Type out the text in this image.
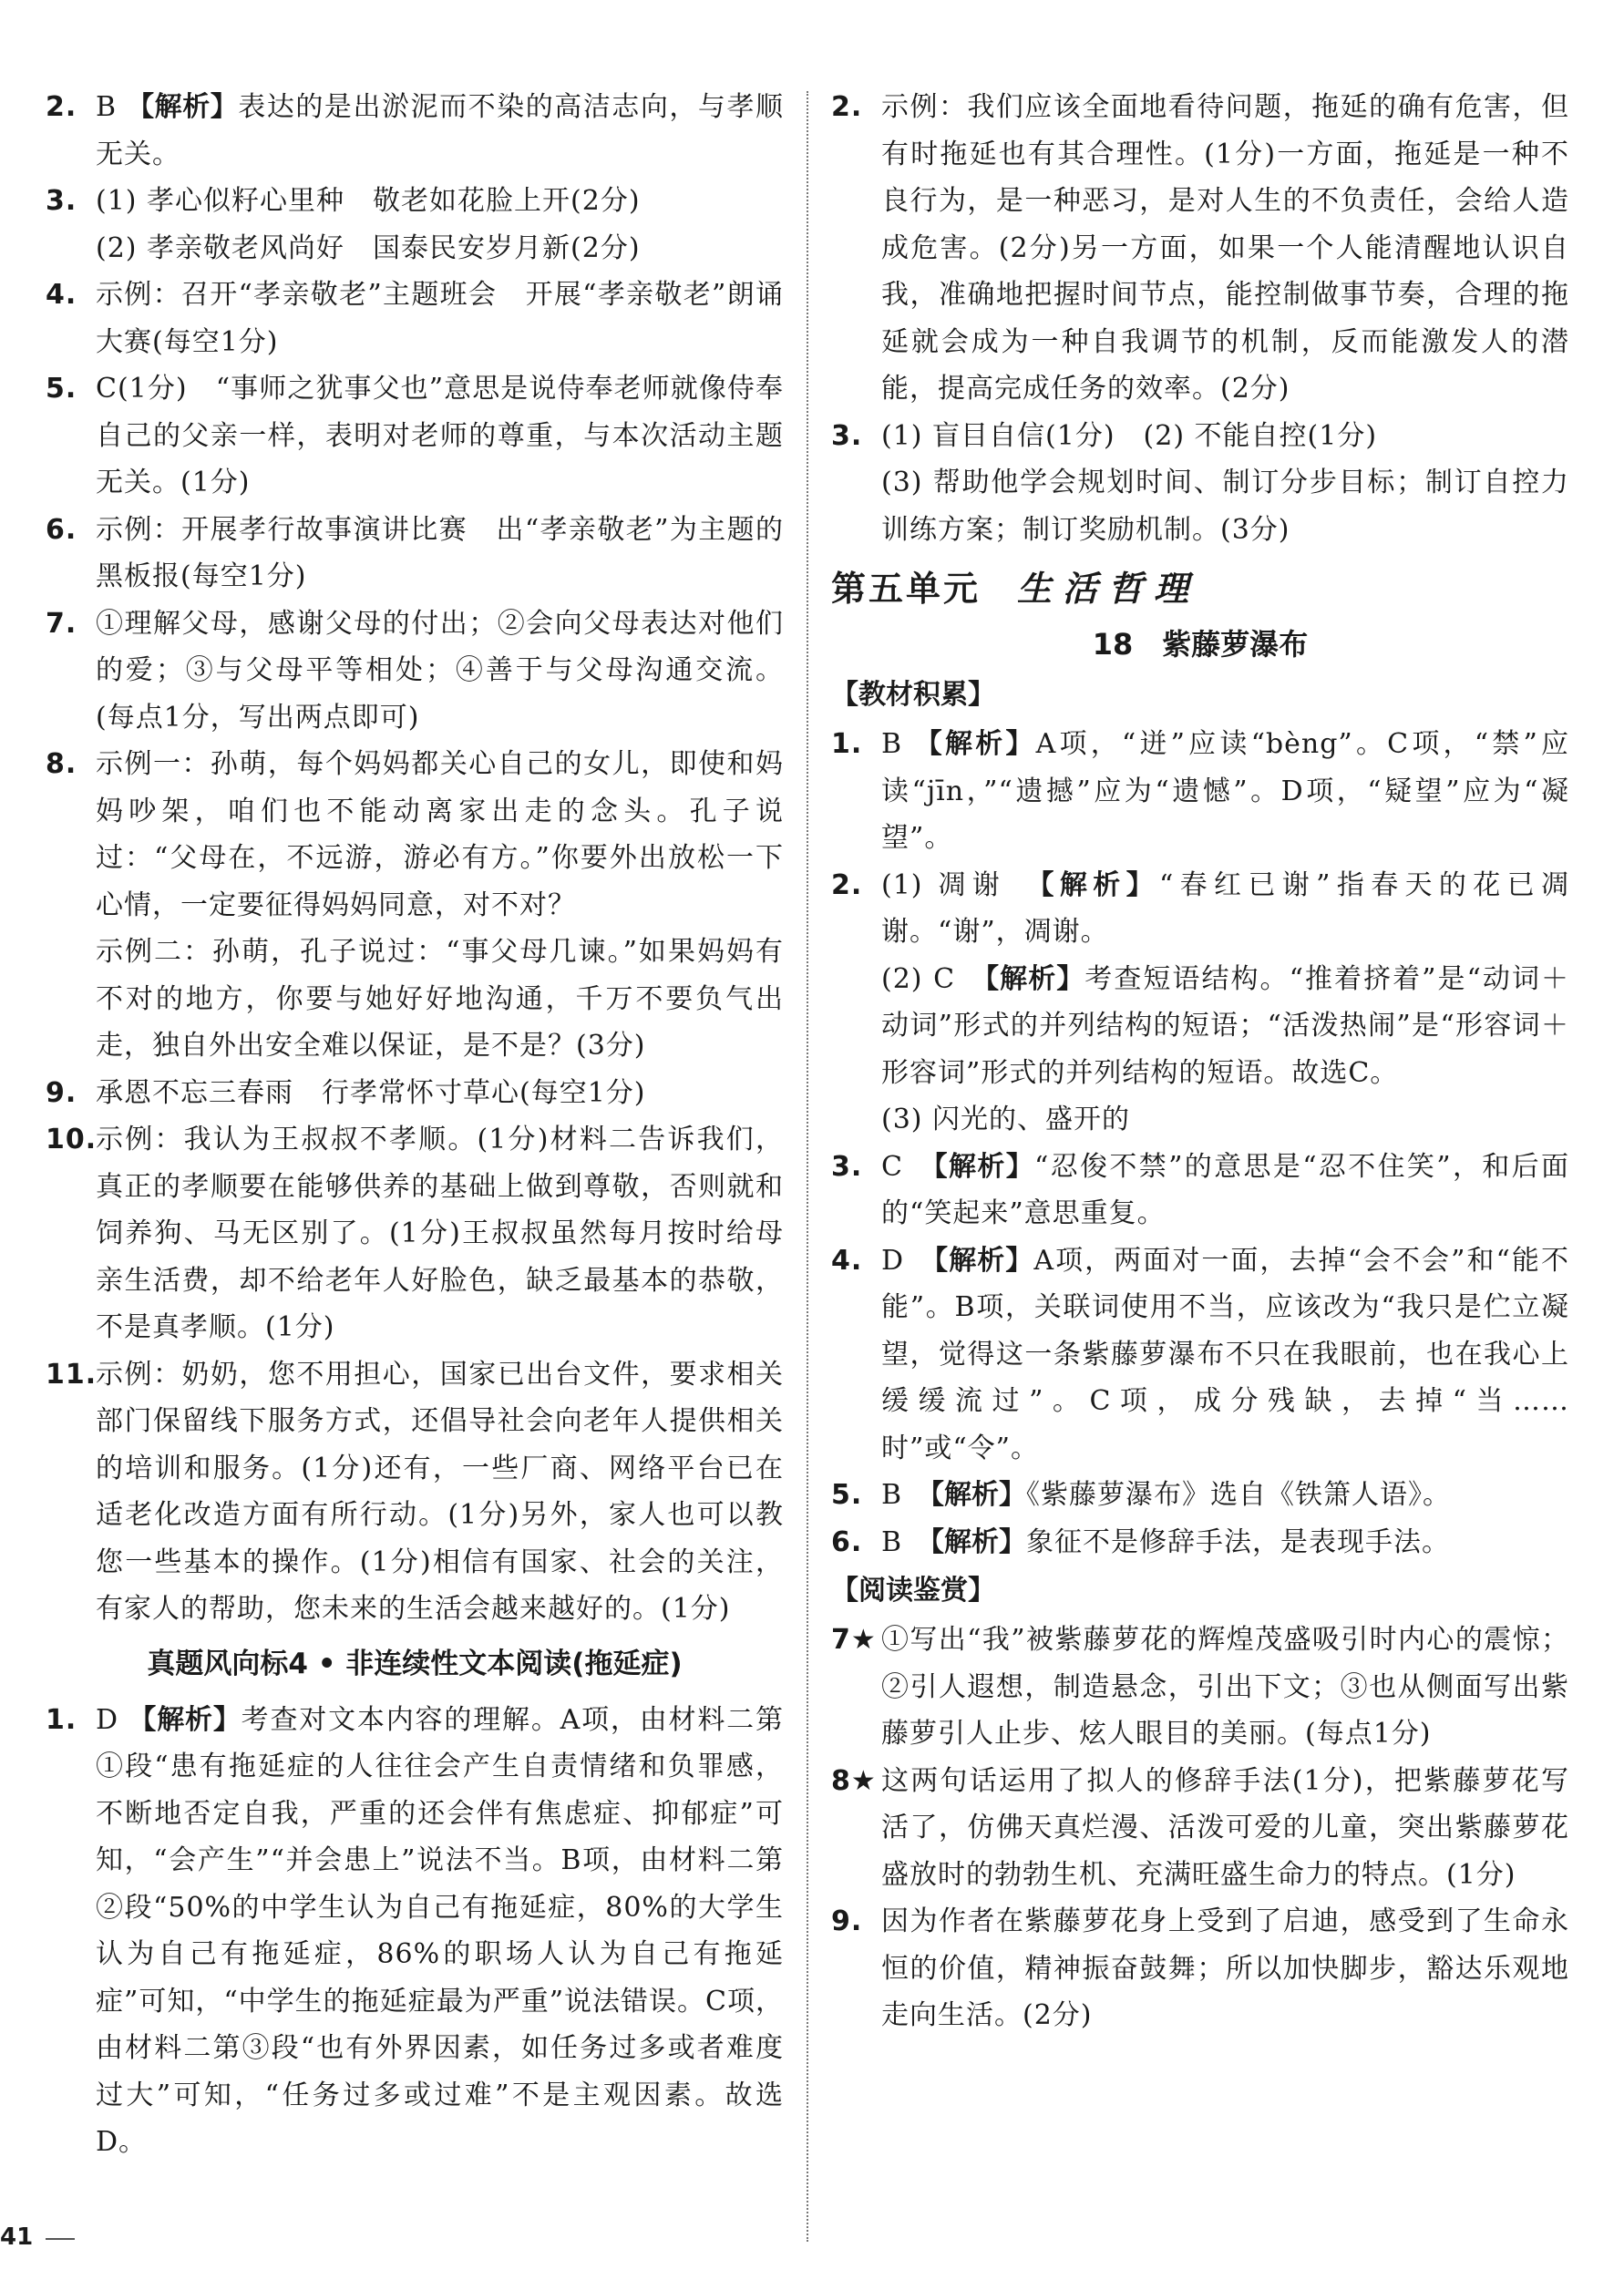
2. B 【解析】表达的是出淤泥而不染的高洁志向，与孝顺无关。

3. (1) 孝心似籽心里种　敬老如花脸上开(2分)

(2) 孝亲敬老风尚好　国泰民安岁月新(2分)

4. 示例：召开“孝亲敬老”主题班会　开展“孝亲敬老”朗诵大赛(每空1分)

5. C(1分)　“事师之犹事父也”意思是说侍奉老师就像侍奉自己的父亲一样，表明对老师的尊重，与本次活动主题无关。(1分)

6. 示例：开展孝行故事演讲比赛　出“孝亲敬老”为主题的黑板报(每空1分)

7. ①理解父母，感谢父母的付出；②会向父母表达对他们的爱；③与父母平等相处；④善于与父母沟通交流。(每点1分，写出两点即可)

8. 示例一：孙萌，每个妈妈都关心自己的女儿，即使和妈妈吵架，咱们也不能动离家出走的念头。孔子说过：“父母在，不远游，游必有方。”你要外出放松一下心情，一定要征得妈妈同意，对不对？

示例二：孙萌，孔子说过：“事父母几谏。”如果妈妈有不对的地方，你要与她好好地沟通，千万不要负气出走，独自外出安全难以保证，是不是？(3分)

9. 承恩不忘三春雨　行孝常怀寸草心(每空1分)

10.

示例：我认为王叔叔不孝顺。(1分)材料二告诉我们，真正的孝顺要在能够供养的基础上做到尊敬，否则就和饲养狗、马无区别了。(1分)王叔叔虽然每月按时给母亲生活费，却不给老年人好脸色，缺乏最基本的恭敬，不是真孝顺。(1分)

11.

示例：奶奶，您不用担心，国家已出台文件，要求相关部门保留线下服务方式，还倡导社会向老年人提供相关的培训和服务。(1分)还有，一些厂商、网络平台已在适老化改造方面有所行动。(1分)另外，家人也可以教您一些基本的操作。(1分)相信有国家、社会的关注，有家人的帮助，您未来的生活会越来越好的。(1分)

真题风向标4 • 非连续性文本阅读(拖延症)
1. D 【解析】考查对文本内容的理解。A项，由材料二第①段“患有拖延症的人往往会产生自责情绪和负罪感，不断地否定自我，严重的还会伴有焦虑症、抑郁症”可知，“会产生”“并会患上”说法不当。B项，由材料二第②段“50%的中学生认为自己有拖延症，80%的大学生认为自己有拖延症，86%的职场人认为自己有拖延症”可知，“中学生的拖延症最为严重”说法错误。C项，由材料二第③段“也有外界因素，如任务过多或者难度过大”可知，“任务过多或过难”不是主观因素。故选D。

2. 示例：我们应该全面地看待问题，拖延的确有危害，但有时拖延也有其合理性。(1分)一方面，拖延是一种不良行为，是一种恶习，是对人生的不负责任，会给人造成危害。(2分)另一方面，如果一个人能清醒地认识自我，准确地把握时间节点，能控制做事节奏，合理的拖延就会成为一种自我调节的机制，反而能激发人的潜能，提高完成任务的效率。(2分)

3. (1) 盲目自信(1分)　(2) 不能自控(1分)

(3) 帮助他学会规划时间、制订分步目标；制订自控力训练方案；制订奖励机制。(3分)

第五单元 生活哲理
18　紫藤萝瀑布
【教材积累】
1. B 【解析】A项，“迸”应读“bèng”。C项，“禁”应读“jīn，”“遗撼”应为“遗憾”。D项，“疑望”应为“凝望”。

2. (1) 凋谢　【解析】“春红已谢”指春天的花已凋谢。“谢”，凋谢。

(2) C　【解析】考查短语结构。“推着挤着”是“动词＋动词”形式的并列结构的短语；“活泼热闹”是“形容词＋形容词”形式的并列结构的短语。故选C。

(3) 闪光的、盛开的

3. C　【解析】“忍俊不禁”的意思是“忍不住笑”，和后面的“笑起来”意思重复。

4. D　【解析】A项，两面对一面，去掉“会不会”和“能不能”。B项，关联词使用不当，应该改为“我只是伫立凝望，觉得这一条紫藤萝瀑布不只在我眼前，也在我心上缓缓流过”。C项，成分残缺，去掉“当……时”或“令”。

5. B　【解析】《紫藤萝瀑布》选自《铁箫人语》。

6. B　【解析】象征不是修辞手法，是表现手法。

【阅读鉴赏】
7★ ①写出“我”被紫藤萝花的辉煌茂盛吸引时内心的震惊；②引人遐想，制造悬念，引出下文；③也从侧面写出紫藤萝引人止步、炫人眼目的美丽。(每点1分)

8★ 这两句话运用了拟人的修辞手法(1分)，把紫藤萝花写活了，仿佛天真烂漫、活泼可爱的儿童，突出紫藤萝花盛放时的勃勃生机、充满旺盛生命力的特点。(1分)

9. 因为作者在紫藤萝花身上受到了启迪，感受到了生命永恒的价值，精神振奋鼓舞；所以加快脚步，豁达乐观地走向生活。(2分)

41
